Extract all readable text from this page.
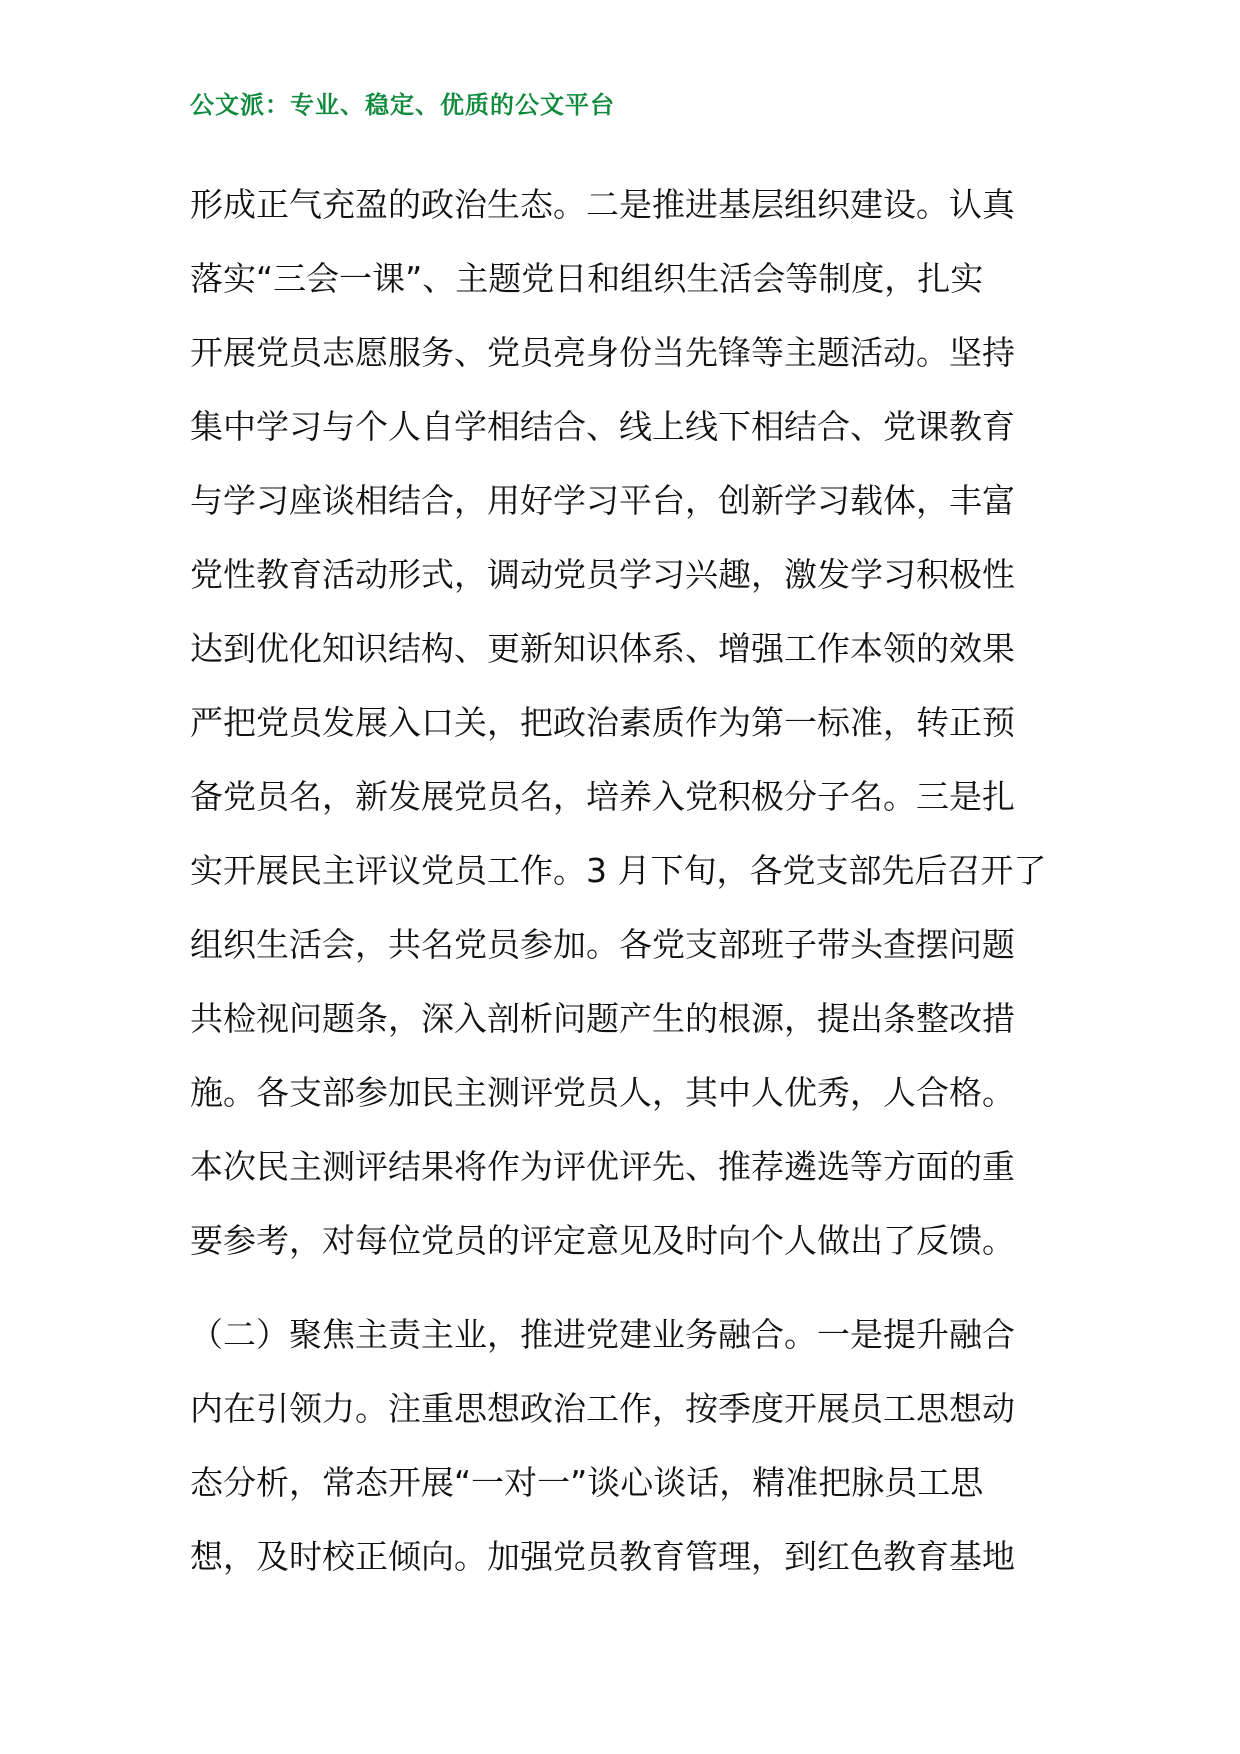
公文派：专业、稳定、优质的公文平台
形成正气充盈的政治生态。二是推进基层组织建设。认真
落实“三会一课”、主题党日和组织生活会等制度，扎实
开展党员志愿服务、党员亮身份当先锋等主题活动。坚持
集中学习与个人自学相结合、线上线下相结合、党课教育
与学习座谈相结合，用好学习平台，创新学习载体，丰富
党性教育活动形式，调动党员学习兴趣，激发学习积极性
达到优化知识结构、更新知识体系、增强工作本领的效果
严把党员发展入口关，把政治素质作为第一标准，转正预
备党员名，新发展党员名，培养入党积极分子名。三是扎
实开展民主评议党员工作。3 月下旬，各党支部先后召开了
组织生活会，共名党员参加。各党支部班子带头查摆问题
共检视问题条，深入剖析问题产生的根源，提出条整改措
施。各支部参加民主测评党员人，其中人优秀，人合格。
本次民主测评结果将作为评优评先、推荐遴选等方面的重
要参考，对每位党员的评定意见及时向个人做出了反馈。
（二）聚焦主责主业，推进党建业务融合。一是提升融合
内在引领力。注重思想政治工作，按季度开展员工思想动
态分析，常态开展“一对一”谈心谈话，精准把脉员工思
想，及时校正倾向。加强党员教育管理，到红色教育基地
